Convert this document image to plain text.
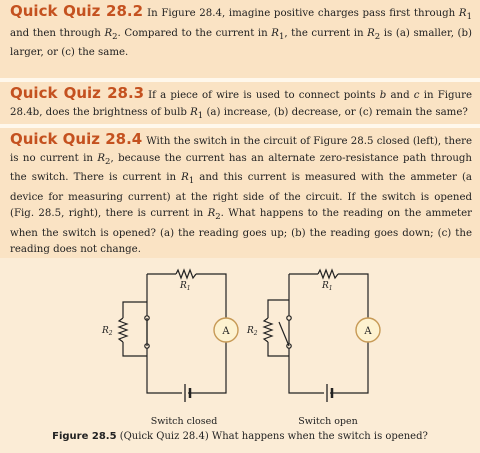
Quick Quiz 28.2 In Figure 28.4, imagine positive charges pass first through $R_1$ and then through $R_2$. Compared to the current in $R_1$, the current in $R_2$ is (a) smaller, (b) larger, or (c) the same.

Quick Quiz 28.3 If a piece of wire is used to connect points b and c in Figure 28.4b, does the brightness of bulb $R_1$ (a) increase, (b) decrease, or (c) remain the same?

Quick Quiz 28.4 With the switch in the circuit of Figure 28.5 closed (left), there is no current in $R_2$, because the current has an alternate zero-resistance path through the switch. There is current in $R_1$ and this current is measured with the ammeter (a device for measuring current) at the right side of the circuit. If the switch is opened (Fig. 28.5, right), there is current in $R_2$. What happens to the reading on the ammeter when the switch is opened? (a) the reading goes up; (b) the reading goes down; (c) the reading does not change.

$R_1$
$R_2$	A
Switch closed
$R_1$
$R_2$	A
Switch open
Figure 28.5 (Quick Quiz 28.4) What happens when the switch is opened?
